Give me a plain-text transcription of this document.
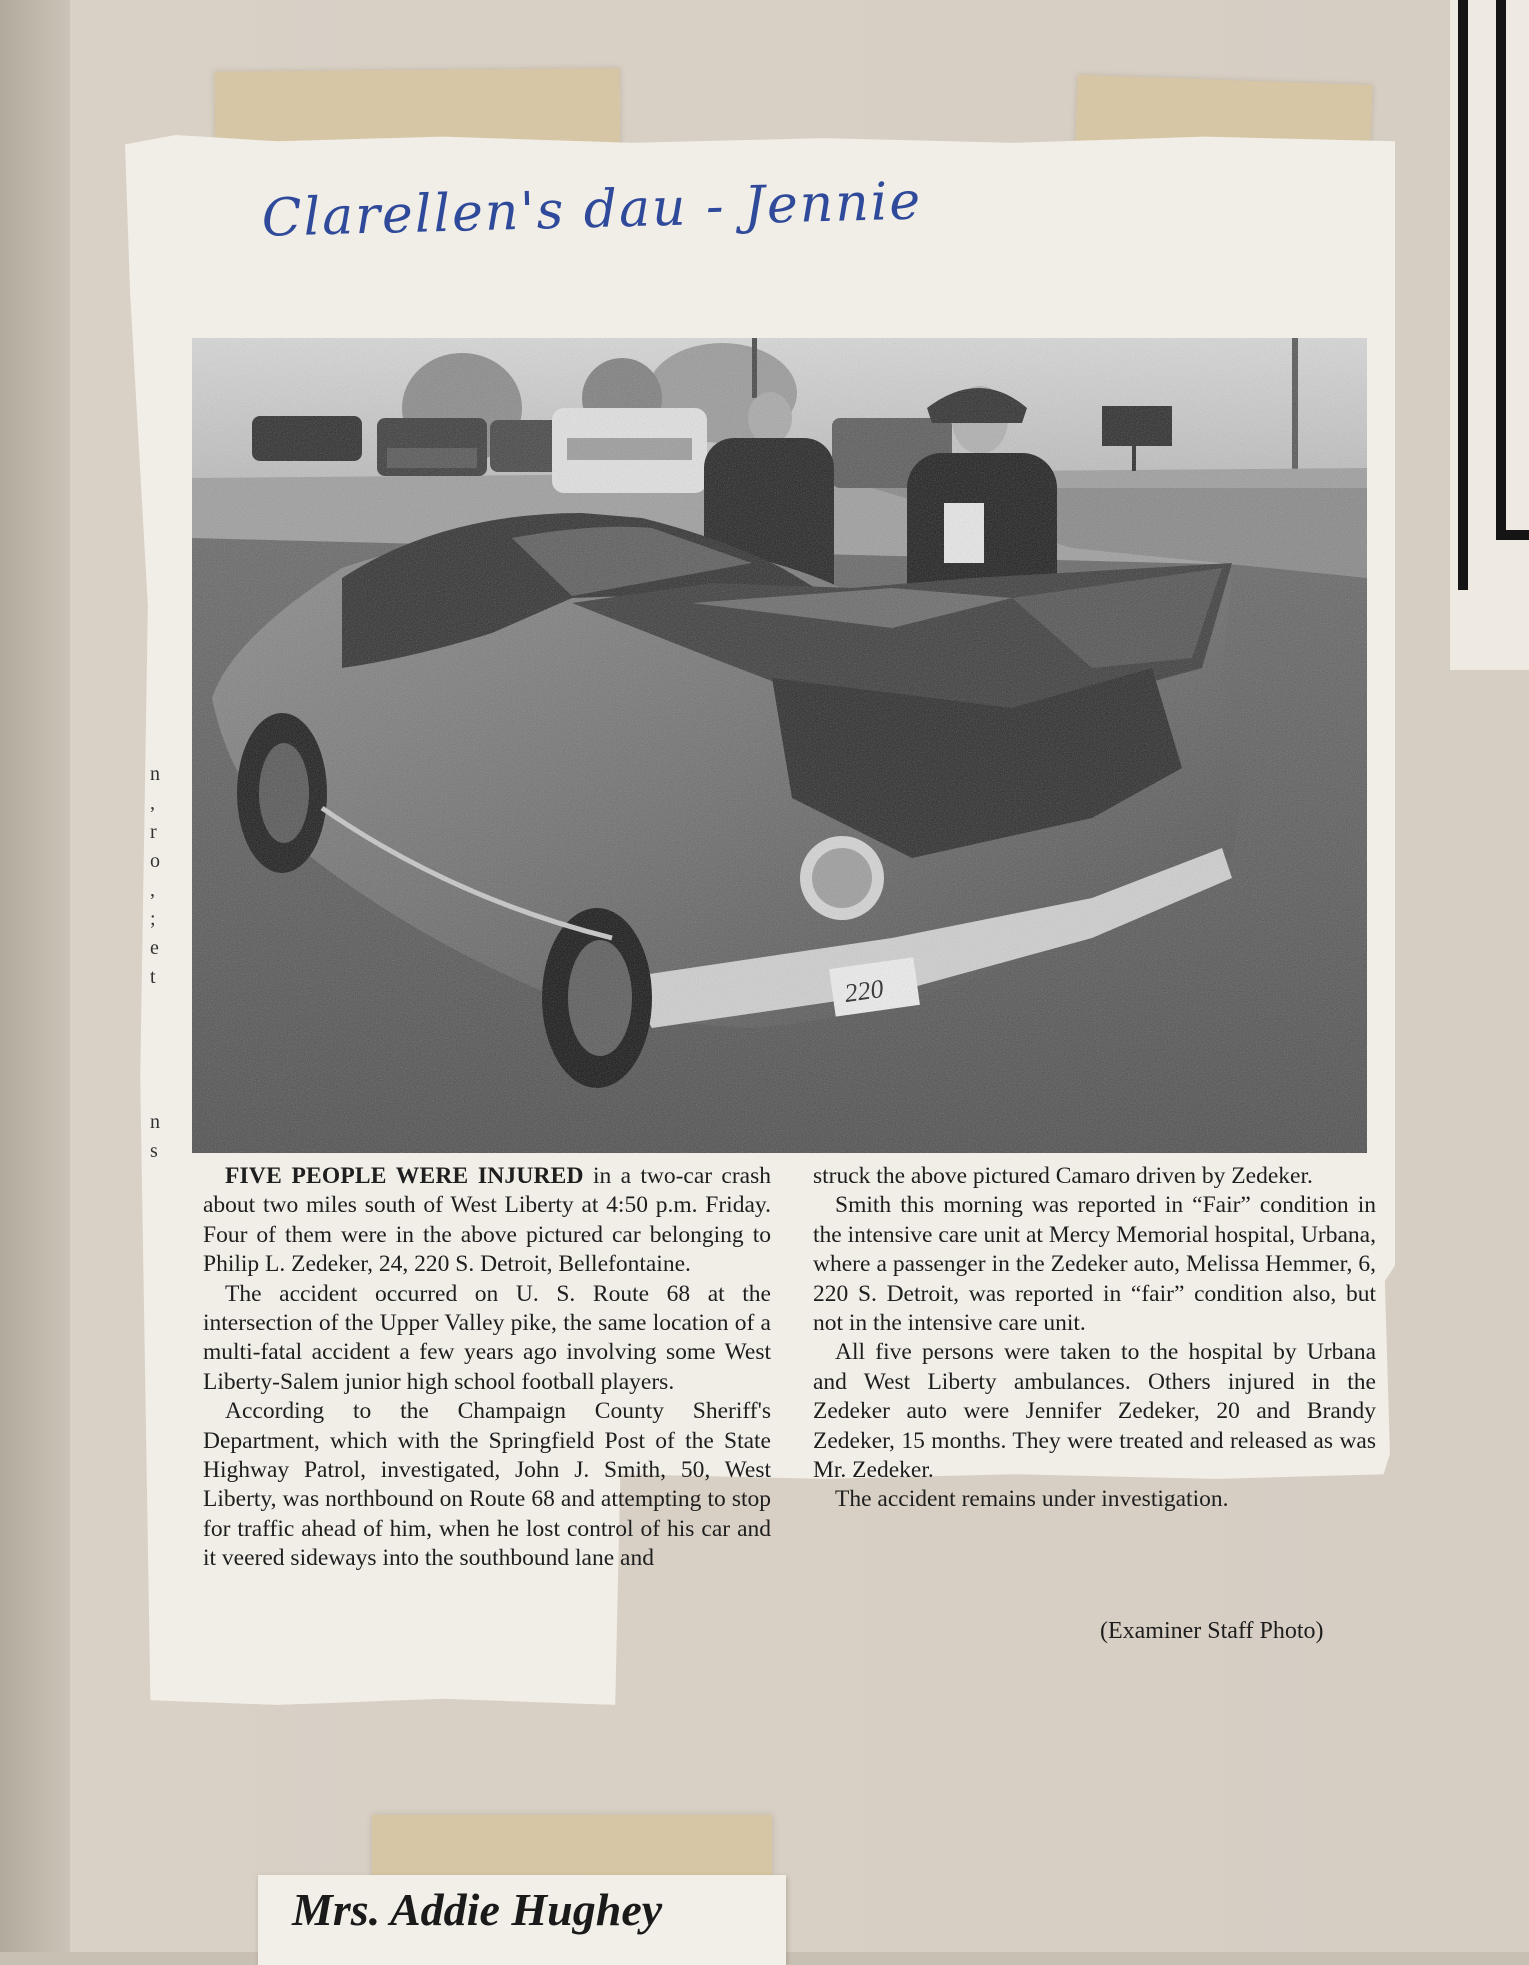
Clarellen's dau - Jennie
n
,
r
o
,
;
e
t
n
s

FIVE PEOPLE WERE INJURED in a two-car crash about two miles south of West Liberty at 4:50 p.m. Friday. Four of them were in the above pictured car belonging to Philip L. Zedeker, 24, 220 S. Detroit, Bellefontaine.

The accident occurred on U. S. Route 68 at the intersection of the Upper Valley pike, the same location of a multi-fatal accident a few years ago involving some West Liberty-Salem junior high school football players.

According to the Champaign County Sheriff's Department, which with the Springfield Post of the State Highway Patrol, investigated, John J. Smith, 50, West Liberty, was northbound on Route 68 and attempting to stop for traffic ahead of him, when he lost control of his car and it veered sideways into the southbound lane and

struck the above pictured Camaro driven by Zedeker.

Smith this morning was reported in “Fair” condition in the intensive care unit at Mercy Memorial hospital, Urbana, where a passenger in the Zedeker auto, Melissa Hemmer, 6, 220 S. Detroit, was reported in “fair” condition also, but not in the intensive care unit.

All five persons were taken to the hospital by Urbana and West Liberty ambulances. Others injured in the Zedeker auto were Jennifer Zedeker, 20 and Brandy Zedeker, 15 months. They were treated and released as was Mr. Zedeker.

The accident remains under investigation.

(Examiner Staff Photo)
Mrs. Addie Hughey
